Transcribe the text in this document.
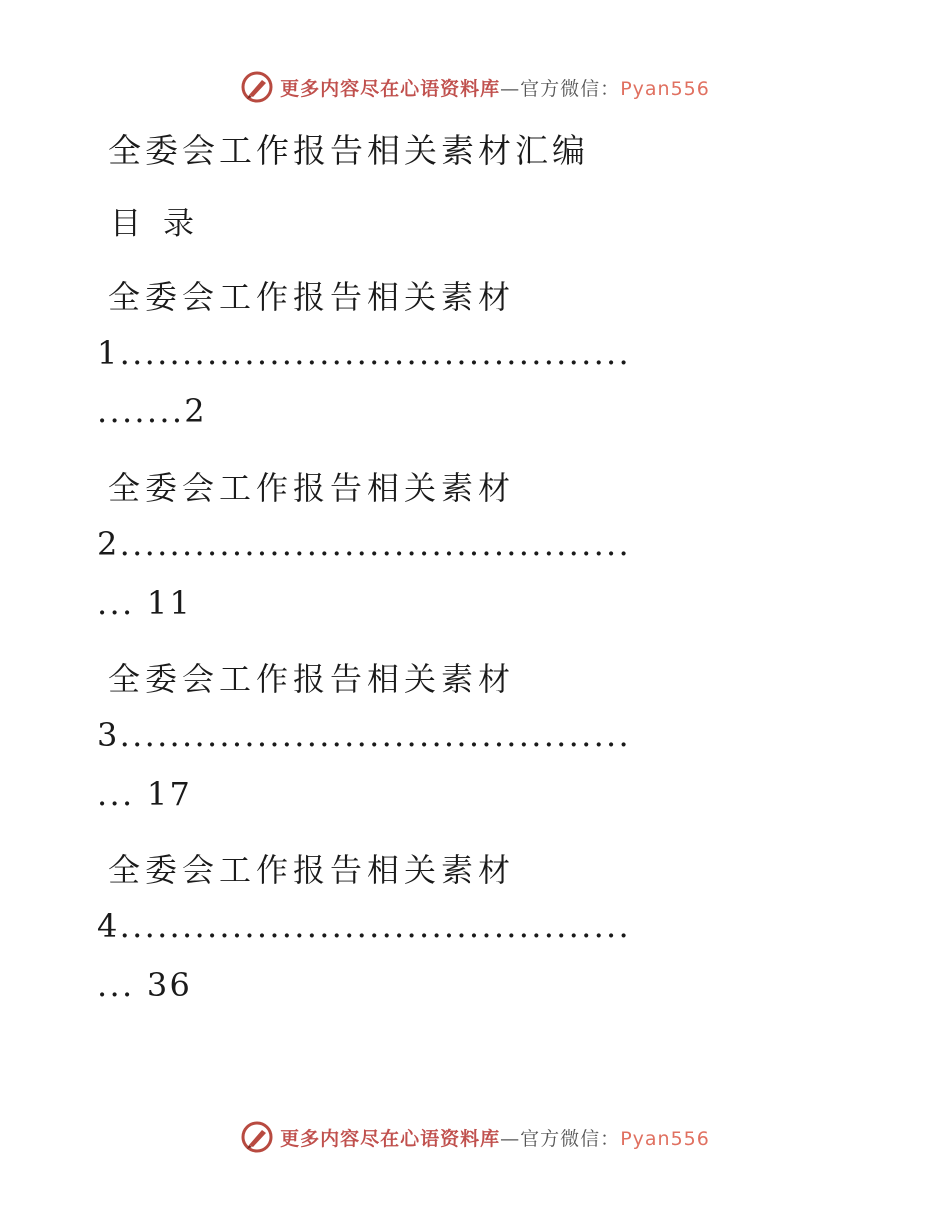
更多内容尽在心语资料库—官方微信：Pyan556
全委会工作报告相关素材汇编
目 录
全委会工作报告相关素材
1.........................................
.......2
全委会工作报告相关素材
2.........................................
... 11
全委会工作报告相关素材
3.........................................
... 17
全委会工作报告相关素材
4.........................................
... 36
更多内容尽在心语资料库—官方微信：Pyan556
